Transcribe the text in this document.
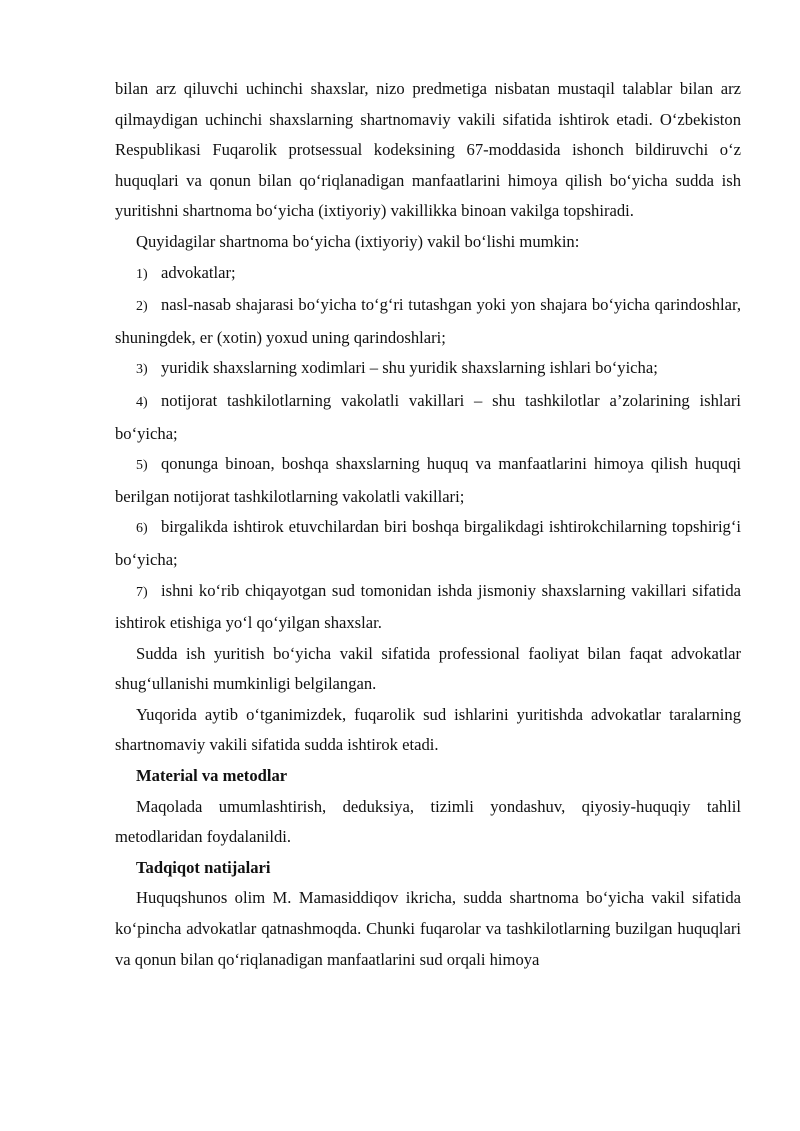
bilan arz qiluvchi uchinchi shaxslar, nizo predmetiga nisbatan mustaqil talablar bilan arz qilmaydigan uchinchi shaxslarning shartnomaviy vakili sifatida ishtirok etadi. O‘zbekiston Respublikasi Fuqarolik protsessual kodeksining 67-moddasida ishonch bildiruvchi o‘z huquqlari va qonun bilan qo‘riqlanadigan manfaatlarini himoya qilish bo‘yicha sudda ish yuritishni shartnoma bo‘yicha (ixtiyoriy) vakillikka binoan vakilga topshiradi.

Quyidagilar shartnoma bo‘yicha (ixtiyoriy) vakil bo‘lishi mumkin:

1) advokatlar;

2) nasl-nasab shajarasi bo‘yicha to‘g‘ri tutashgan yoki yon shajara bo‘yicha qarindoshlar, shuningdek, er (xotin) yoxud uning qarindoshlari;

3) yuridik shaxslarning xodimlari – shu yuridik shaxslarning ishlari bo‘yicha;

4) notijorat tashkilotlarning vakolatli vakillari – shu tashkilotlar a’zolarining ishlari bo‘yicha;

5) qonunga binoan, boshqa shaxslarning huquq va manfaatlarini himoya qilish huquqi berilgan notijorat tashkilotlarning vakolatli vakillari;

6) birgalikda ishtirok etuvchilardan biri boshqa birgalikdagi ishtirokchilarning topshirig‘i bo‘yicha;

7) ishni ko‘rib chiqayotgan sud tomonidan ishda jismoniy shaxslarning vakillari sifatida ishtirok etishiga yo‘l qo‘yilgan shaxslar.

Sudda ish yuritish bo‘yicha vakil sifatida professional faoliyat bilan faqat advokatlar shug‘ullanishi mumkinligi belgilangan.

Yuqorida aytib o‘tganimizdek, fuqarolik sud ishlarini yuritishda advokatlar taralarning shartnomaviy vakili sifatida sudda ishtirok etadi.

Material va metodlar

Maqolada umumlashtirish, deduksiya, tizimli yondashuv, qiyosiy-huquqiy tahlil metodlaridan foydalanildi.

Tadqiqot natijalari

Huquqshunos olim M. Mamasiddiqov ikricha, sudda shartnoma bo‘yicha vakil sifatida ko‘pincha advokatlar qatnashmoqda. Chunki fuqarolar va tashkilotlarning buzilgan huquqlari va qonun bilan qo‘riqlanadigan manfaatlarini sud orqali himoya
